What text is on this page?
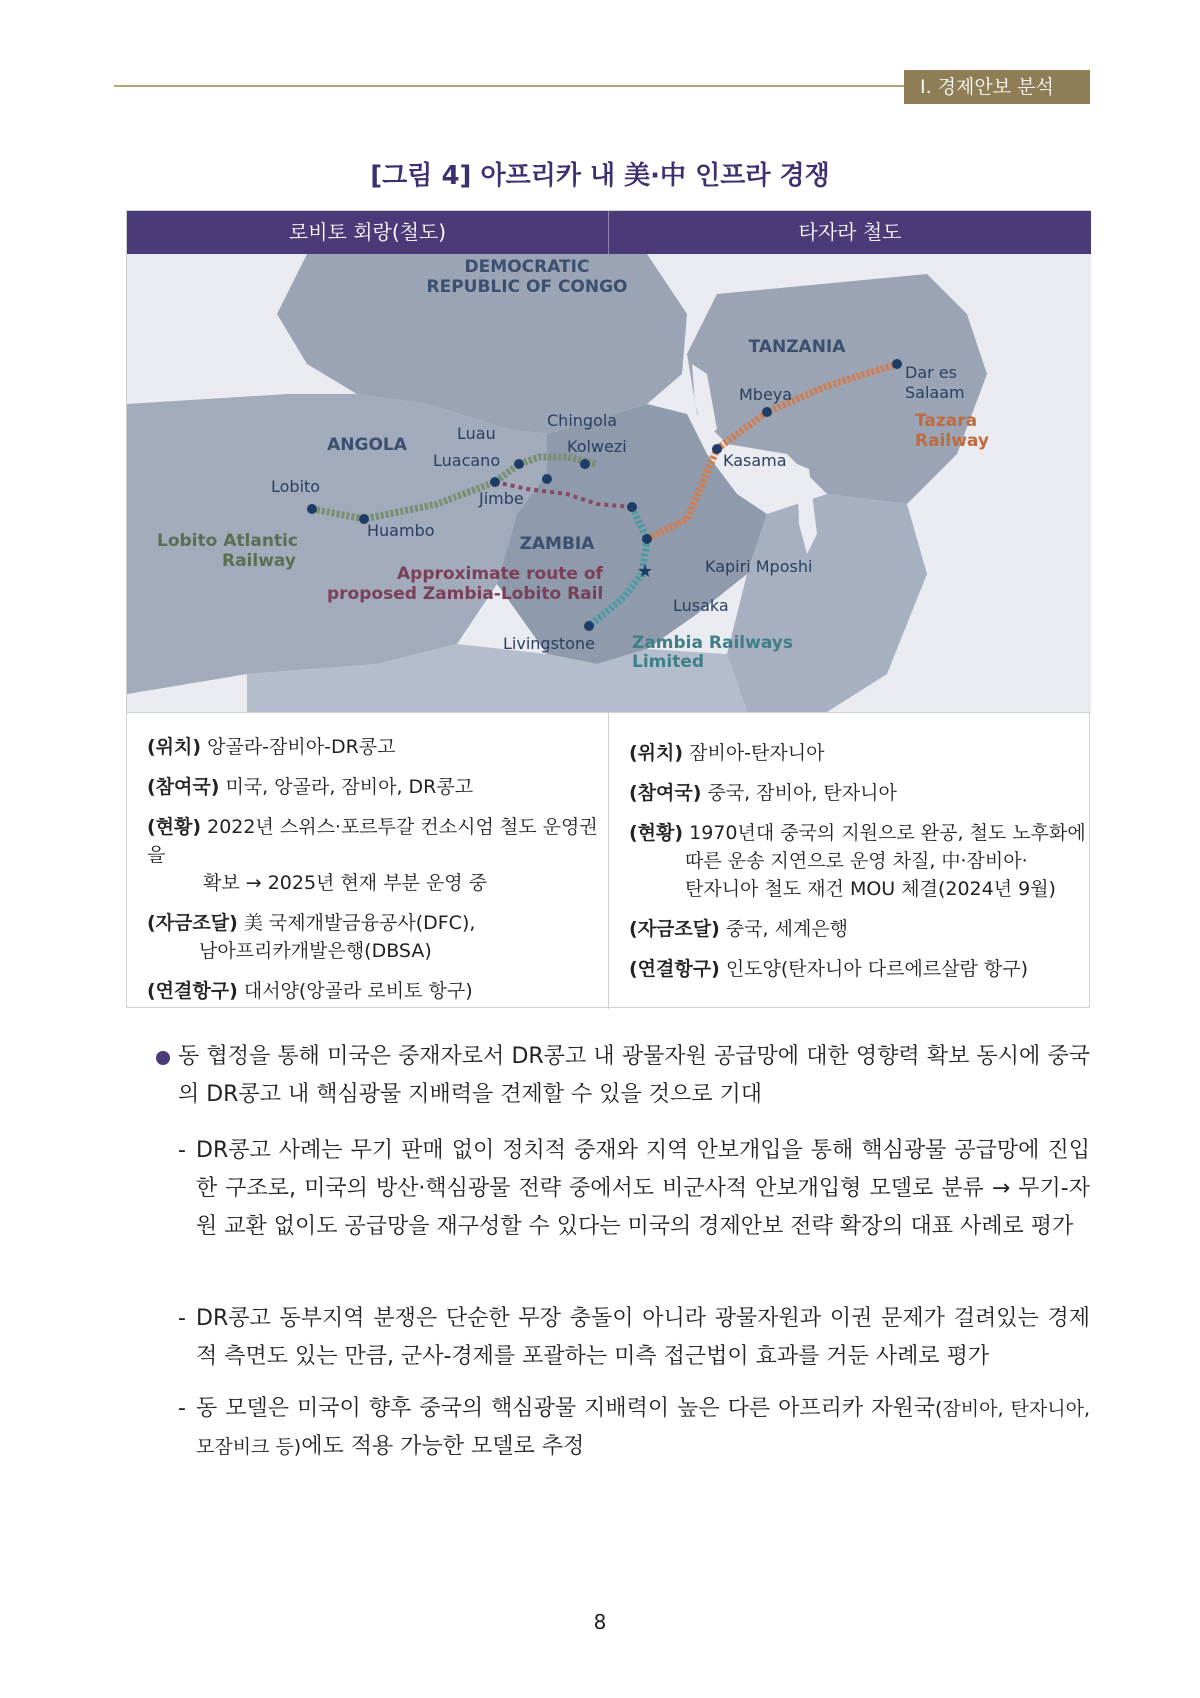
Ⅰ. 경제안보 분석
[그림 4] 아프리카 내 美·中 인프라 경쟁
로비토 회랑(철도)	타자라 철도
★
DEMOCRATIC
REPUBLIC OF CONGO
TANZANIA
ANGOLA
ZAMBIA
Dar es
Salaam
Tazara
Railway
Mbeya
Kasama
Chingola
Kolwezi
Luau
Luacano
Jimbe
Lobito
Huambo
Lobito Atlantic
Railway
Approximate route of
proposed Zambia-Lobito Rail
Kapiri Mposhi
Lusaka
Livingstone Zambia Railways
Limited
(위치) 앙골라-잠비아-DR콩고
(참여국) 미국, 앙골라, 잠비아, DR콩고
(현황) 2022년 스위스·포르투갈 컨소시엄 철도 운영권을
확보 → 2025년 현재 부분 운영 중
(자금조달) 美 국제개발금융공사(DFC),
남아프리카개발은행(DBSA)
(연결항구) 대서양(앙골라 로비토 항구)
(위치) 잠비아-탄자니아
(참여국) 중국, 잠비아, 탄자니아
(현황) 1970년대 중국의 지원으로 완공, 철도 노후화에
따른 운송 지연으로 운영 차질, 中·잠비아·
탄자니아 철도 재건 MOU 체결(2024년 9월)
(자금조달) 중국, 세계은행
(연결항구) 인도양(탄자니아 다르에르살람 항구)
동 협정을 통해 미국은 중재자로서 DR콩고 내 광물자원 공급망에 대한 영향력 확보 동시에 중국의 DR콩고 내 핵심광물 지배력을 견제할 수 있을 것으로 기대
- DR콩고 사례는 무기 판매 없이 정치적 중재와 지역 안보개입을 통해 핵심광물 공급망에 진입한 구조로, 미국의 방산·핵심광물 전략 중에서도 비군사적 안보개입형 모델로 분류 → 무기-자원 교환 없이도 공급망을 재구성할 수 있다는 미국의 경제안보 전략 확장의 대표 사례로 평가
- DR콩고 동부지역 분쟁은 단순한 무장 충돌이 아니라 광물자원과 이권 문제가 걸려있는 경제적 측면도 있는 만큼, 군사-경제를 포괄하는 미측 접근법이 효과를 거둔 사례로 평가
- 동 모델은 미국이 향후 중국의 핵심광물 지배력이 높은 다른 아프리카 자원국(잠비아, 탄자니아, 모잠비크 등)에도 적용 가능한 모델로 추정
8
